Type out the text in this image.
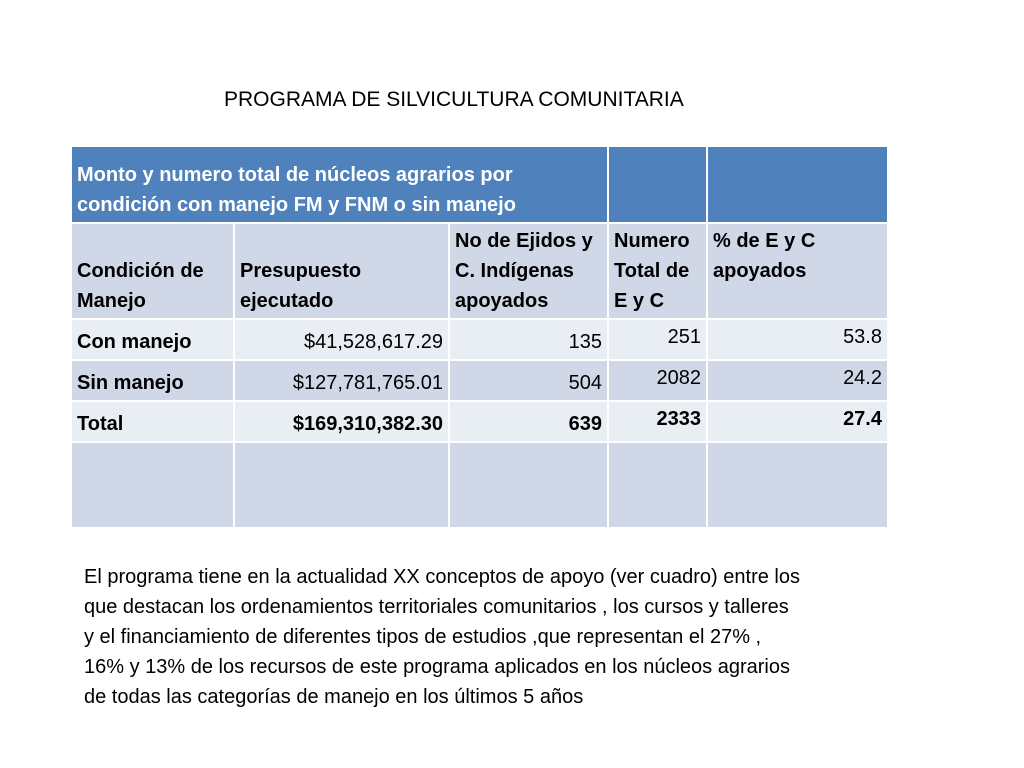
PROGRAMA DE SILVICULTURA COMUNITARIA
Monto y numero total de núcleos agrarios por
condición con manejo FM y FNM o sin manejo				

Condición de Manejo	Presupuesto ejecutado	No de Ejidos y C. Indígenas apoyados	Numero Total de E y C	% de E y C apoyados
Con manejo	$41,528,617.29	135	251	53.8
Sin manejo	$127,781,765.01	504	2082	24.2
Total	$169,310,382.30	639	2333	27.4

El programa tiene en la actualidad XX conceptos de apoyo (ver cuadro) entre los
que destacan los ordenamientos territoriales comunitarios , los cursos y talleres
y el financiamiento de diferentes tipos de estudios ,que representan el 27% ,
16% y 13% de los recursos de este programa aplicados en los núcleos agrarios
de todas las categorías de manejo en los últimos 5 años
